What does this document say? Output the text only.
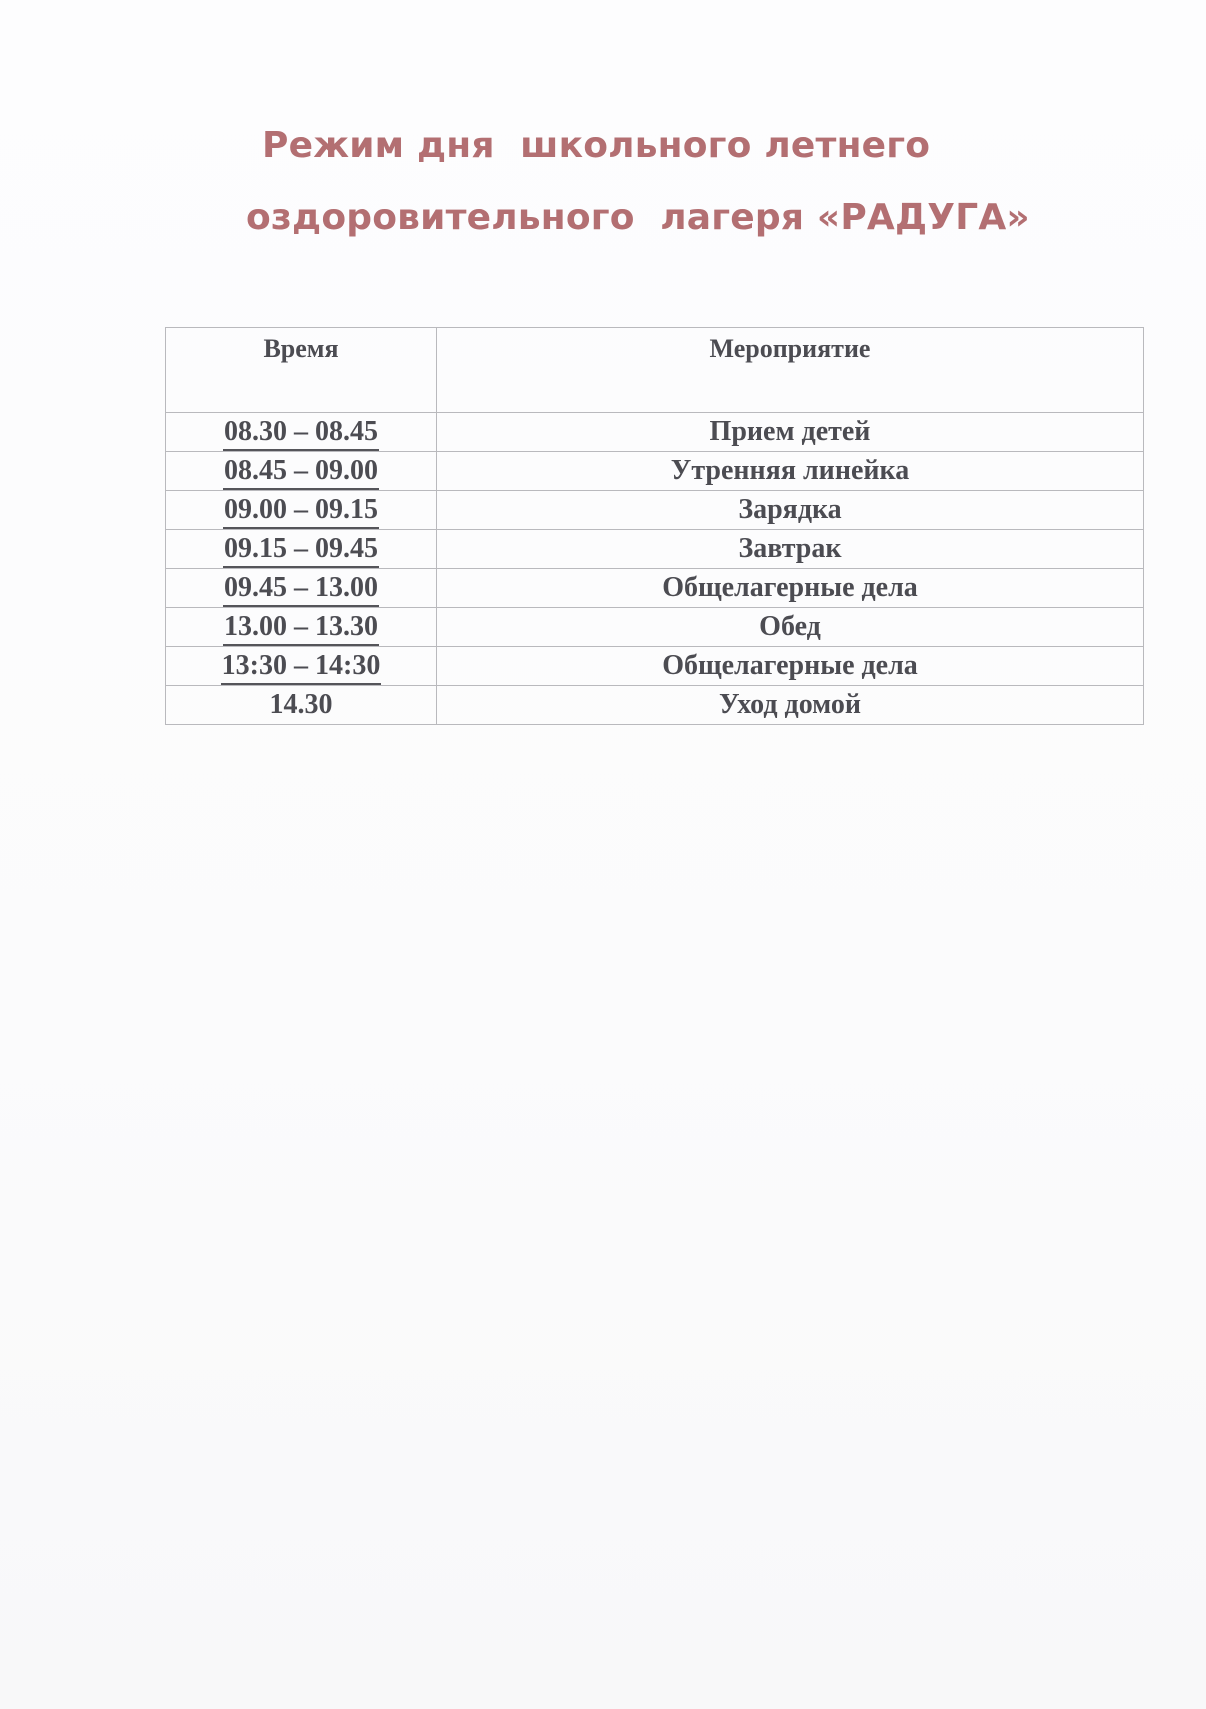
Режим дня  школьного летнего
оздоровительного  лагеря «РАДУГА»
Время	Мероприятие
08.30 – 08.45	Прием детей
08.45 – 09.00	Утренняя линейка
09.00 – 09.15	Зарядка
09.15 – 09.45	Завтрак
09.45 – 13.00	Общелагерные дела
13.00 – 13.30	Обед
13:30 – 14:30	Общелагерные дела
14.30	Уход домой
